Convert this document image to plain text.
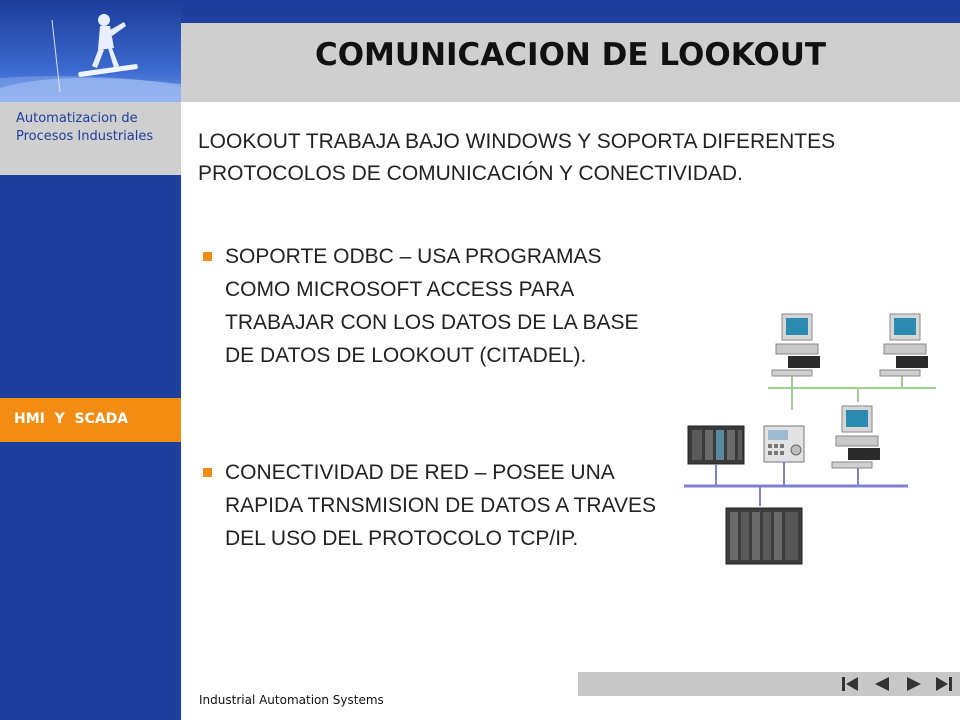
Automatizacion de Procesos Industriales
HMI  Y  SCADA
COMUNICACION DE LOOKOUT
LOOKOUT TRABAJA BAJO WINDOWS Y SOPORTA DIFERENTES PROTOCOLOS DE COMUNICACIÓN Y CONECTIVIDAD.
SOPORTE ODBC – USA PROGRAMAS COMO MICROSOFT ACCESS PARA TRABAJAR CON LOS DATOS DE LA BASE DE DATOS DE LOOKOUT (CITADEL).
CONECTIVIDAD DE RED – POSEE UNA RAPIDA TRNSMISION DE DATOS A TRAVES DEL USO DEL PROTOCOLO TCP/IP.
Industrial Automation Systems
